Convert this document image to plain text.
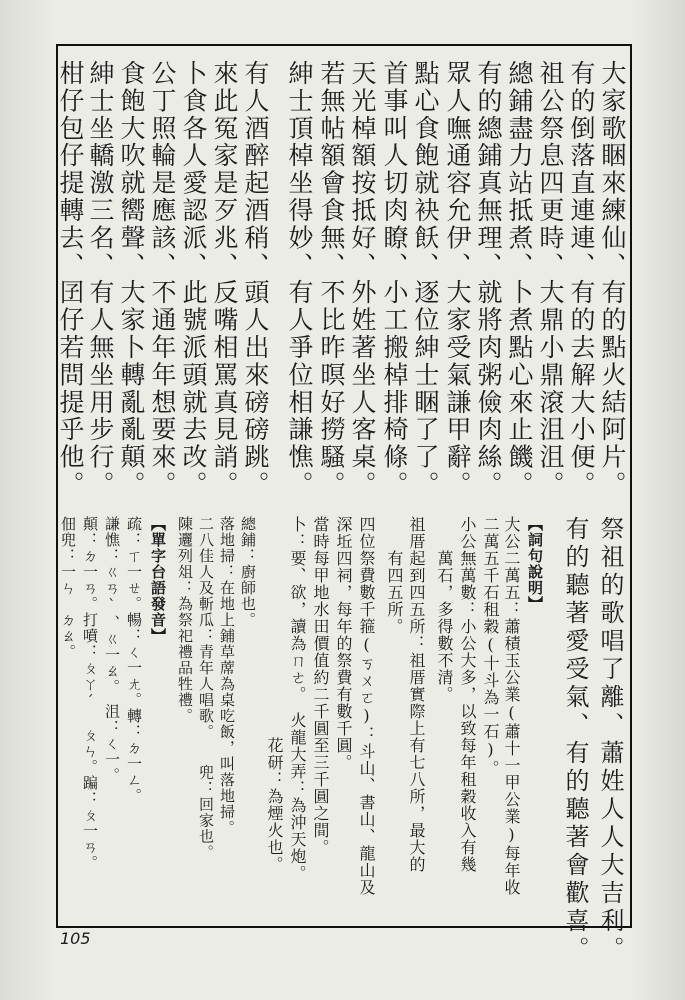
大家歌睏來練仙、有的點火結阿片。
有的倒落直連連、有的去解大小便。
祖公祭息四更時、大鼎小鼎滾沮沮。
總鋪盡力站抵煮、卜煮點心來止饑。
有的總鋪真無理、就將肉粥儉肉絲。
眾人嘸通容允伊、大家受氣謙甲辭。
點心食飽就袂飫、逐位紳士睏了了。
首事叫人切肉瞭、小工搬棹排椅條。
天光棹額按抵好、外姓著坐人客桌。
若無帖額會食無、不比昨暝好撈騷。
紳士頂棹坐得妙、有人爭位相謙憔。
有人酒醉起酒稍、頭人出來磅磅跳。
來此冤家是歹兆、反嘴相罵真見誚。
卜食各人愛認派、此號派頭就去改。
公丁照輪是應該、不通年年想要來。
食飽大吹就嚮聲、大家卜轉亂亂顛。
紳士坐轎激三名、有人無坐用步行。
柑仔包仔提轉去、囝仔若問提乎他。
祭祖的歌唱了離、蕭姓人人大吉利。
有的聽著愛受氣、有的聽著會歡喜。
【詞句說明】
大公二萬五：蕭積玉公業(蕭十一甲公業)每年收
二萬五千石租穀(十斗為一石)。
小公無萬數：小公大多，以致每年租穀收入有幾
　　萬石，多得數不清。
祖厝起到四五所：祖厝實際上有七八所，最大的
　　有四五所。
四位祭費數千箍(ㄎㄨㄛ)：斗山、書山、龍山及
深坵四祠，每年的祭費有數千圓。
當時每甲地水田價值約二千圓至三千圓之間。
卜：要、欲，讀為ㄇㄜ。　火龍大弄：為沖天炮。
　　　　　　　　　　　　　花研：為煙火也。
總鋪：廚師也。
落地掃：在地上鋪草蓆為桌吃飯，叫落地掃。
二八佳人及斬瓜：青年人唱歌。　　兜：回家也。
陳邐列俎：為祭祀禮品牲禮。
【單字台語發音】
疏：ㄒ一ㄝ。暢：ㄑ一ㄤ。轉：ㄉ一ㄥ。
謙憔：ㄍㄢˋ、ㄍ一ㄠ。　沮：ㄑ一。
顛：ㄉ一ㄢ。打噴：ㄆㄚˊ　ㄆㄣ。蹁：ㄆ一ㄢ。
佃兜：一ㄣ　ㄉㄠ。
105
